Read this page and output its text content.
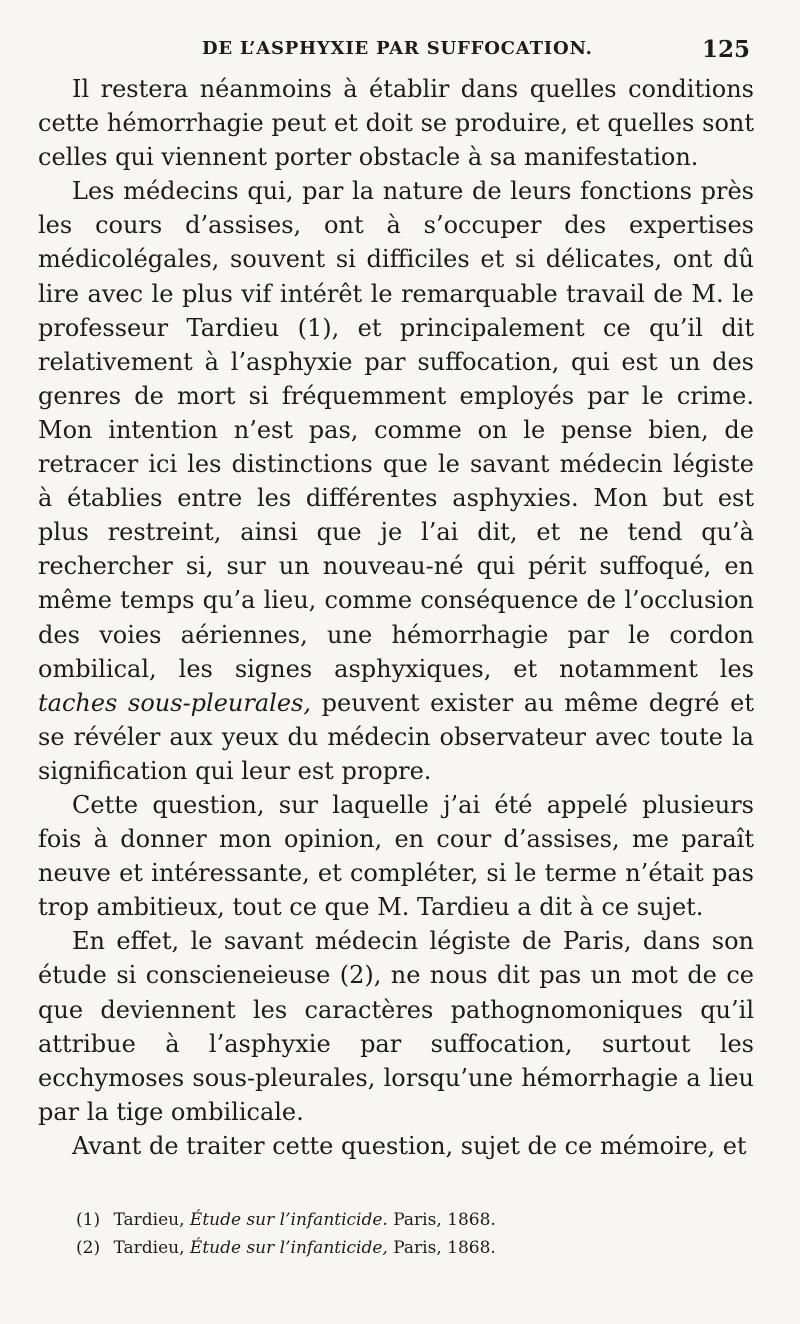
DE L’ASPHYXIE PAR SUFFOCATION.	125

Il restera néanmoins à établir dans quelles conditions cette hémorrhagie peut et doit se produire, et quelles sont celles qui viennent porter obstacle à sa manifestation.

Les médecins qui, par la nature de leurs fonctions près les cours d’assises, ont à s’occuper des expertises médicolégales, souvent si difficiles et si délicates, ont dû lire avec le plus vif intérêt le remarquable travail de M. le professeur Tardieu (1), et principalement ce qu’il dit relativement à l’asphyxie par suffocation, qui est un des genres de mort si fréquemment employés par le crime. Mon intention n’est pas, comme on le pense bien, de retracer ici les distinctions que le savant médecin légiste à établies entre les différentes asphyxies. Mon but est plus restreint, ainsi que je l’ai dit, et ne tend qu’à rechercher si, sur un nouveau-né qui périt suffoqué, en même temps qu’a lieu, comme conséquence de l’occlusion des voies aériennes, une hémorrhagie par le cordon ombilical, les signes asphyxiques, et notamment les taches sous-pleurales, peuvent exister au même degré et se révéler aux yeux du médecin observateur avec toute la signification qui leur est propre.

Cette question, sur laquelle j’ai été appelé plusieurs fois à donner mon opinion, en cour d’assises, me paraît neuve et intéressante, et compléter, si le terme n’était pas trop ambitieux, tout ce que M. Tardieu a dit à ce sujet.

En effet, le savant médecin légiste de Paris, dans son étude si conscieneieuse (2), ne nous dit pas un mot de ce que deviennent les caractères pathognomoniques qu’il attribue à l’asphyxie par suffocation, surtout les ecchymoses sous-pleurales, lorsqu’une hémorrhagie a lieu par la tige ombilicale.

Avant de traiter cette question, sujet de ce mémoire, et

(1) Tardieu, Étude sur l’infanticide. Paris, 1868.
(2) Tardieu, Étude sur l’infanticide, Paris, 1868.
